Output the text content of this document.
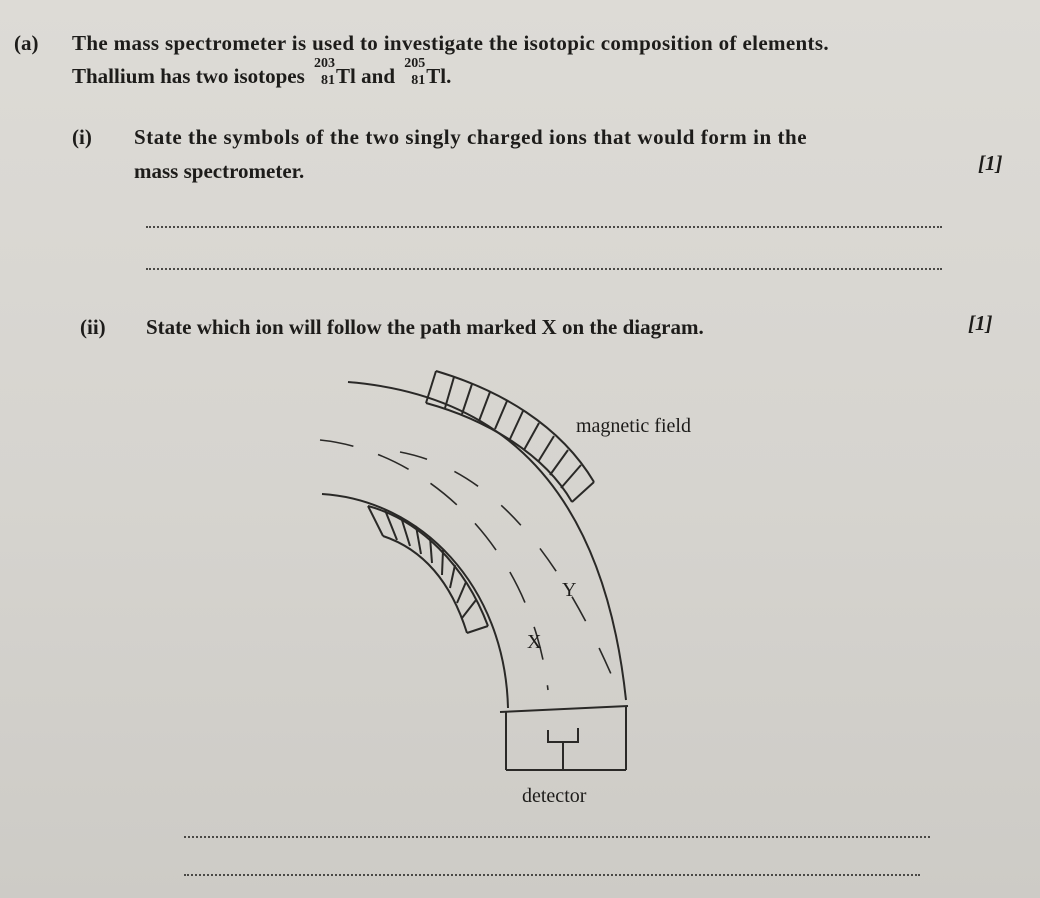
(a) The mass spectrometer is used to investigate the isotopic composition of elements.
Thallium has two isotopes
203
81 Tl and
205
81 Tl.
(i) State the symbols of the two singly charged ions that would form in the
mass spectrometer.	[1]
(ii) State which ion will follow the path marked X on the diagram.	[1]
magnetic field
Y
X
detector
